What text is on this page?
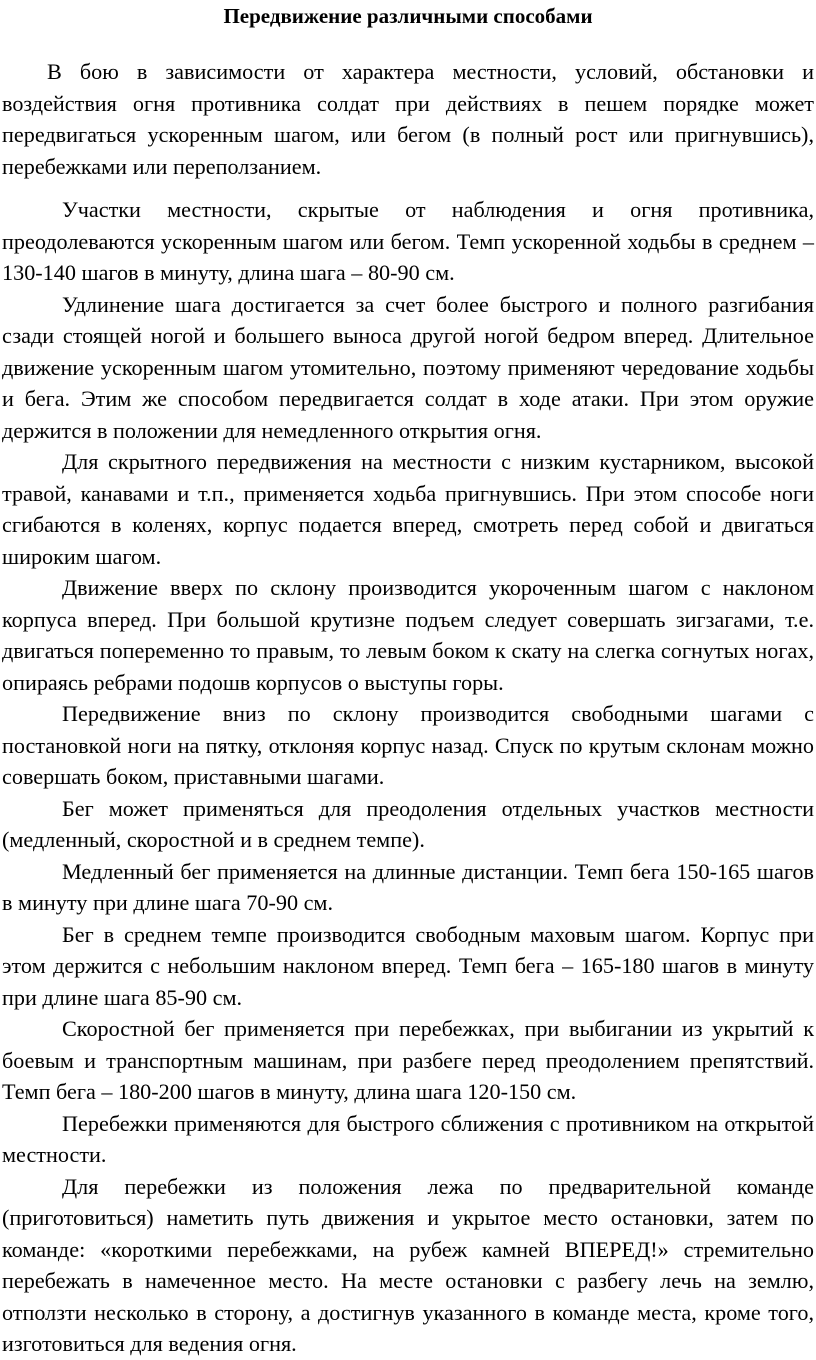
Передвижение различными способами

В бою в зависимости от характера местности, условий, обстановки и воздействия огня противника солдат при действиях в пешем порядке может передвигаться ускоренным шагом, или бегом (в полный рост или пригнувшись), перебежками или переползанием.

Участки местности, скрытые от наблюдения и огня противника, преодолеваются ускоренным шагом или бегом. Темп ускоренной ходьбы в среднем – 130-140 шагов в минуту, длина шага – 80-90 см.

Удлинение шага достигается за счет более быстрого и полного разгибания сзади стоящей ногой и большего выноса другой ногой бедром вперед. Длительное движение ускоренным шагом утомительно, поэтому применяют чередование ходьбы и бега. Этим же способом передвигается солдат в ходе атаки. При этом оружие держится в положении для немедленного открытия огня.

Для скрытного передвижения на местности с низким кустарником, высокой травой, канавами и т.п., применяется ходьба пригнувшись. При этом способе ноги сгибаются в коленях, корпус подается вперед, смотреть перед собой и двигаться широким шагом.

Движение вверх по склону производится укороченным шагом с наклоном корпуса вперед. При большой крутизне подъем следует совершать зигзагами, т.е. двигаться попеременно то правым, то левым боком к скату на слегка согнутых ногах, опираясь ребрами подошв корпусов о выступы горы.

Передвижение вниз по склону производится свободными шагами с постановкой ноги на пятку, отклоняя корпус назад. Спуск по крутым склонам можно совершать боком, приставными шагами.

Бег может применяться для преодоления отдельных участков местности (медленный, скоростной и в среднем темпе).

Медленный бег применяется на длинные дистанции. Темп бега 150-165 шагов в минуту при длине шага 70-90 см.

Бег в среднем темпе производится свободным маховым шагом. Корпус при этом держится с небольшим наклоном вперед. Темп бега – 165-180 шагов в минуту при длине шага 85-90 см.

Скоростной бег применяется при перебежках, при выбигании из укрытий к боевым и транспортным машинам, при разбеге перед преодолением препятствий. Темп бега – 180-200 шагов в минуту, длина шага 120-150 см.

Перебежки применяются для быстрого сближения с противником на открытой местности.

Для перебежки из положения лежа по предварительной команде (приготовиться) наметить путь движения и укрытое место остановки, затем по команде: «короткими перебежками, на рубеж камней ВПЕРЕД!» стремительно перебежать в намеченное место. На месте остановки с разбегу лечь на землю, отползти несколько в сторону, а достигнув указанного в команде места, кроме того, изготовиться для ведения огня.
